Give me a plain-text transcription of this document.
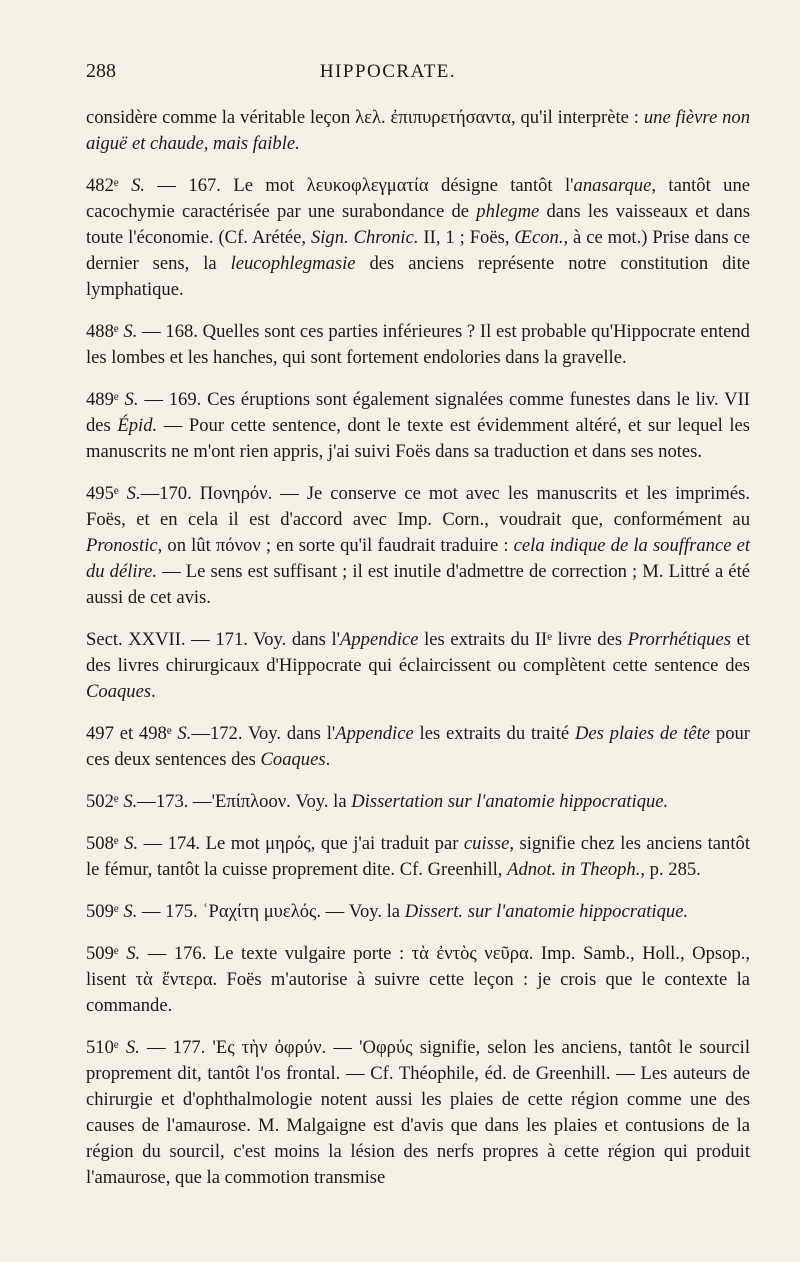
288	HIPPOCRATE.

considère comme la véritable leçon λελ. ἐπιπυρετήσαντα, qu'il interprète : une fièvre non aiguë et chaude, mais faible.

482ᵉ S. — 167. Le mot λευκοφλεγματία désigne tantôt l'anasarque, tantôt une cacochymie caractérisée par une surabondance de phlegme dans les vaisseaux et dans toute l'économie. (Cf. Arétée, Sign. Chronic. II, 1 ; Foës, Œcon., à ce mot.) Prise dans ce dernier sens, la leucophlegmasie des anciens représente notre constitution dite lymphatique.

488ᵉ S. — 168. Quelles sont ces parties inférieures ? Il est probable qu'Hippocrate entend les lombes et les hanches, qui sont fortement endolories dans la gravelle.

489ᵉ S. — 169. Ces éruptions sont également signalées comme funestes dans le liv. VII des Épid. — Pour cette sentence, dont le texte est évidemment altéré, et sur lequel les manuscrits ne m'ont rien appris, j'ai suivi Foës dans sa traduction et dans ses notes.

495ᵉ S.—170. Πονηρόν. — Je conserve ce mot avec les manuscrits et les imprimés. Foës, et en cela il est d'accord avec Imp. Corn., voudrait que, conformément au Pronostic, on lût πόνον ; en sorte qu'il faudrait traduire : cela indique de la souffrance et du délire. — Le sens est suffisant ; il est inutile d'admettre de correction ; M. Littré a été aussi de cet avis.

Sect. XXVII. — 171. Voy. dans l'Appendice les extraits du IIᵉ livre des Prorrhétiques et des livres chirurgicaux d'Hippocrate qui éclaircissent ou complètent cette sentence des Coaques.

497 et 498ᵉ S.—172. Voy. dans l'Appendice les extraits du traité Des plaies de tête pour ces deux sentences des Coaques.

502ᵉ S.—173. —'Επίπλοον. Voy. la Dissertation sur l'anatomie hippocratique.

508ᵉ S. — 174. Le mot μηρός, que j'ai traduit par cuisse, signifie chez les anciens tantôt le fémur, tantôt la cuisse proprement dite. Cf. Greenhill, Adnot. in Theoph., p. 285.

509ᵉ S. — 175. ʿΡαχίτη μυελός. — Voy. la Dissert. sur l'anatomie hippocratique.

509ᵉ S. — 176. Le texte vulgaire porte : τὰ ἐντὸς νεῦρα. Imp. Samb., Holl., Opsop., lisent τὰ ἔντερα. Foës m'autorise à suivre cette leçon : je crois que le contexte la commande.

510ᵉ S. — 177. 'Ες τὴν ὀφρύν. — 'Οφρύς signifie, selon les anciens, tantôt le sourcil proprement dit, tantôt l'os frontal. — Cf. Théophile, éd. de Greenhill. — Les auteurs de chirurgie et d'ophthalmologie notent aussi les plaies de cette région comme une des causes de l'amaurose. M. Malgaigne est d'avis que dans les plaies et contusions de la région du sourcil, c'est moins la lésion des nerfs propres à cette région qui produit l'amaurose, que la commotion transmise
